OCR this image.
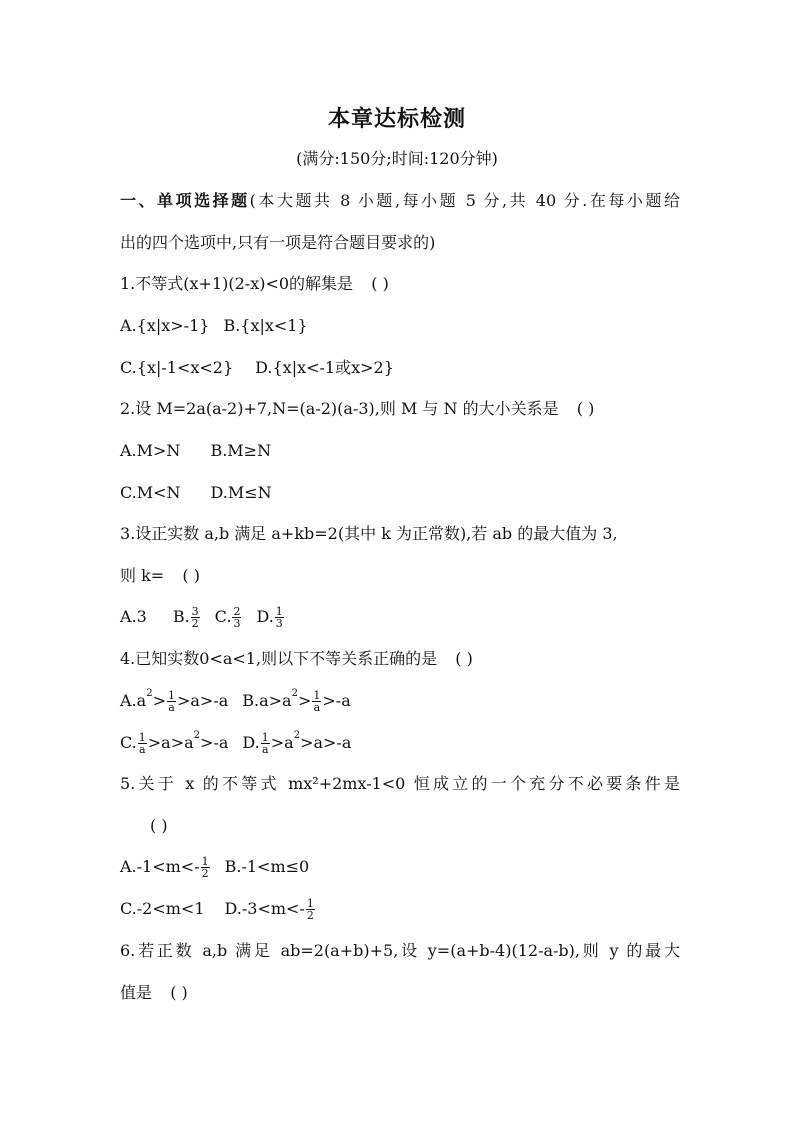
本章达标检测
(满分:150分;时间:120分钟)
一、单项选择题(本大题共 8 小题,每小题 5 分,共 40 分.在每小题给
出的四个选项中,只有一项是符合题目要求的)
1.不等式(x+1)(2-x)<0的解集是 ( )
A.{x|x>-1} B.{x|x<1}
C.{x|-1<x<2} D.{x|x<-1或x>2}
2.设 M=2a(a-2)+7,N=(a-2)(a-3),则 M 与 N 的大小关系是 ( )
A.M>N B.M≥N
C.M<N D.M≤N
3.设正实数 a,b 满足 a+kb=2(其中 k 为正常数),若 ab 的最大值为 3,
则 k= ( )
A.3 B. $\frac{3}{2} C$. $\frac{2}{3} D$. $\frac{1}{3}$
4.已知实数0<a<1,则以下不等关系正确的是 ( )
$A.a^2> \frac{1}{a} >a>-a$ $B.a>a^2> \frac{1}{a} >-a$
C. $\frac{1}{a} >a>a^2>-a$ D. $\frac{1}{a} >a^2>a>-a$
5.关于 x 的不等式 mx²+2mx-1<0 恒成立的一个充分不必要条件是
( )
$A.-1<m<- \frac{1}{2} B.-1<m\le 0$
C.-2<m<1 $D.-3<m<- \frac{1}{2}$
6.若正数 a,b 满足 ab=2(a+b)+5,设 y=(a+b-4)(12-a-b),则 y 的最大
值是 ( )
